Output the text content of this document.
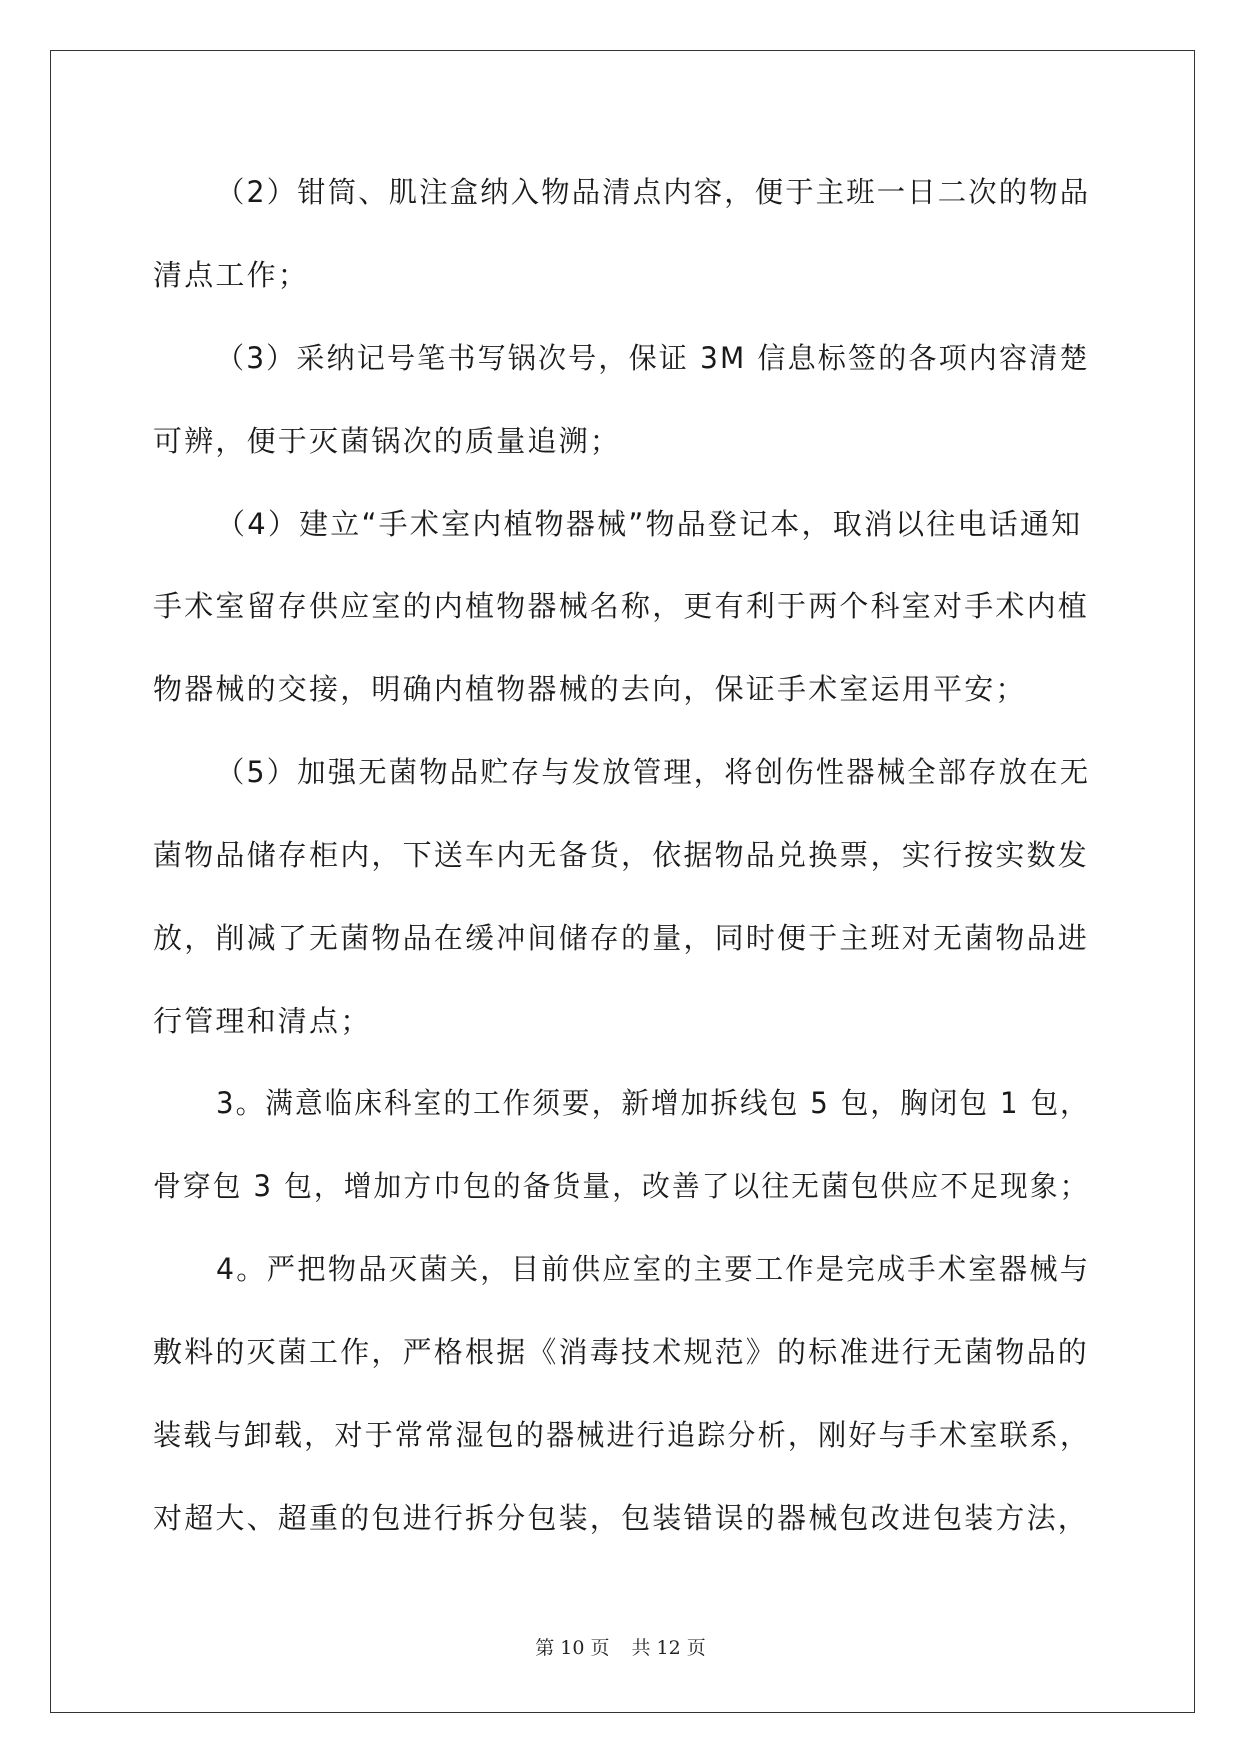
（2）钳筒、肌注盒纳入物品清点内容，便于主班一日二次的物品
清点工作；
（3）采纳记号笔书写锅次号，保证 3M 信息标签的各项内容清楚
可辨，便于灭菌锅次的质量追溯；
（4）建立“手术室内植物器械”物品登记本，取消以往电话通知
手术室留存供应室的内植物器械名称，更有利于两个科室对手术内植
物器械的交接，明确内植物器械的去向，保证手术室运用平安；
（5）加强无菌物品贮存与发放管理，将创伤性器械全部存放在无
菌物品储存柜内，下送车内无备货，依据物品兑换票，实行按实数发
放，削减了无菌物品在缓冲间储存的量，同时便于主班对无菌物品进
行管理和清点；
3。满意临床科室的工作须要，新增加拆线包 5 包，胸闭包 1 包，
骨穿包 3 包，增加方巾包的备货量，改善了以往无菌包供应不足现象；
4。严把物品灭菌关，目前供应室的主要工作是完成手术室器械与
敷料的灭菌工作，严格根据《消毒技术规范》的标准进行无菌物品的
装载与卸载，对于常常湿包的器械进行追踪分析，刚好与手术室联系，
对超大、超重的包进行拆分包装，包装错误的器械包改进包装方法，
第 10 页 共 12 页
